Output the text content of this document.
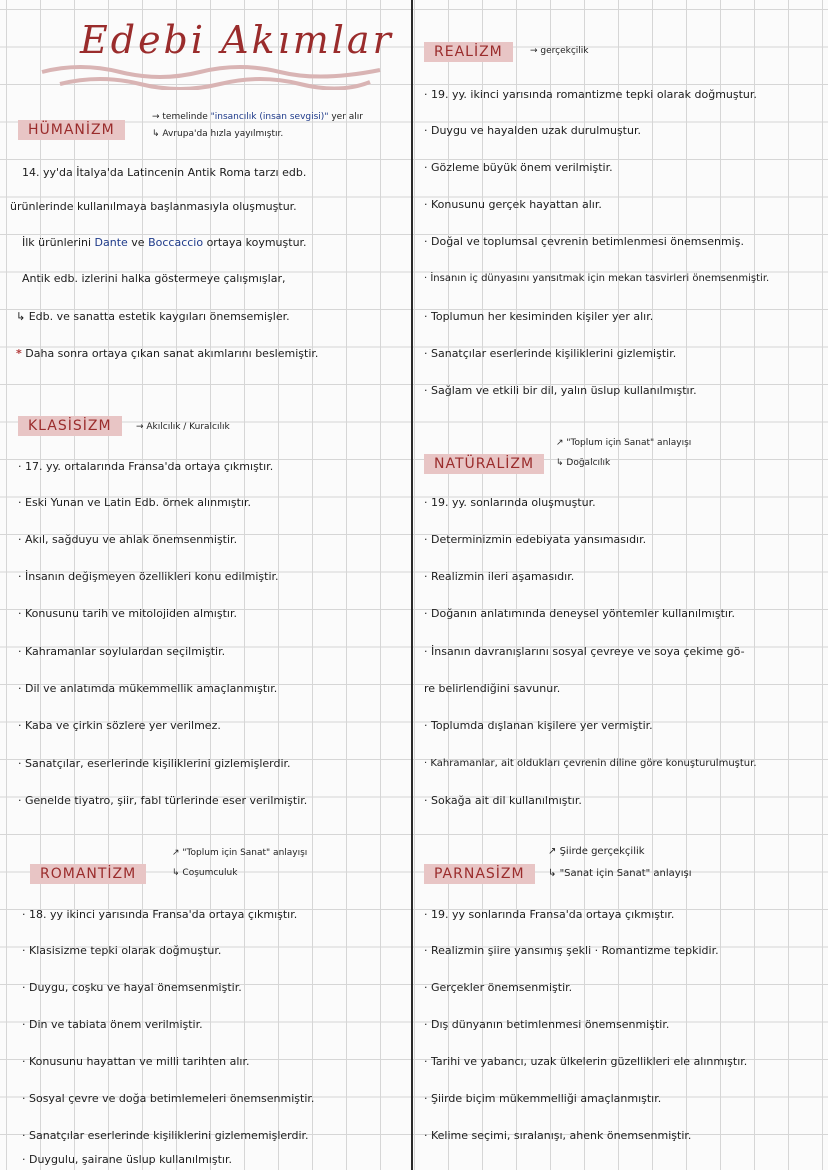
Edebi Akımlar
HÜMANİZM
→ temelinde "insancılık (insan sevgisi)" yer alır
↳ Avrupa'da hızla yayılmıştır.
14. yy'da İtalya'da Latincenin Antik Roma tarzı edb.
ürünlerinde kullanılmaya başlanmasıyla oluşmuştur.
İlk ürünlerini Dante ve Boccaccio ortaya koymuştur.
Antik edb. izlerini halka göstermeye çalışmışlar,
↳ Edb. ve sanatta estetik kaygıları önemsemişler.
* Daha sonra ortaya çıkan sanat akımlarını beslemiştir.
KLASİSİZM	→ Akılcılık / Kuralcılık
· 17. yy. ortalarında Fransa'da ortaya çıkmıştır.
· Eski Yunan ve Latin Edb. örnek alınmıştır.
· Akıl, sağduyu ve ahlak önemsenmiştir.
· İnsanın değişmeyen özellikleri konu edilmiştir.
· Konusunu tarih ve mitolojiden almıştır.
· Kahramanlar soylulardan seçilmiştir.
· Dil ve anlatımda mükemmellik amaçlanmıştır.
· Kaba ve çirkin sözlere yer verilmez.
· Sanatçılar, eserlerinde kişiliklerini gizlemişlerdir.
· Genelde tiyatro, şiir, fabl türlerinde eser verilmiştir.
ROMANTİZM
↗ "Toplum için Sanat" anlayışı
↳ Coşumculuk
· 18. yy ikinci yarısında Fransa'da ortaya çıkmıştır.
· Klasisizme tepki olarak doğmuştur.
· Duygu, coşku ve hayal önemsenmiştir.
· Din ve tabiata önem verilmiştir.
· Konusunu hayattan ve milli tarihten alır.
· Sosyal çevre ve doğa betimlemeleri önemsenmiştir.
· Sanatçılar eserlerinde kişiliklerini gizlememişlerdir.
· Duygulu, şairane üslup kullanılmıştır.
REALİZM	→ gerçekçilik
· 19. yy. ikinci yarısında romantizme tepki olarak doğmuştur.
· Duygu ve hayalden uzak durulmuştur.
· Gözleme büyük önem verilmiştir.
· Konusunu gerçek hayattan alır.
· Doğal ve toplumsal çevrenin betimlenmesi önemsenmiş.
· İnsanın iç dünyasını yansıtmak için mekan tasvirleri önemsenmiştir.
· Toplumun her kesiminden kişiler yer alır.
· Sanatçılar eserlerinde kişiliklerini gizlemiştir.
· Sağlam ve etkili bir dil, yalın üslup kullanılmıştır.
NATÜRALİZM
↗ "Toplum için Sanat" anlayışı
↳ Doğalcılık
· 19. yy. sonlarında oluşmuştur.
· Determinizmin edebiyata yansımasıdır.
· Realizmin ileri aşamasıdır.
· Doğanın anlatımında deneysel yöntemler kullanılmıştır.
· İnsanın davranışlarını sosyal çevreye ve soya çekime gö-
re belirlendiğini savunur.
· Toplumda dışlanan kişilere yer vermiştir.
· Kahramanlar, ait oldukları çevrenin diline göre konuşturulmuştur.
· Sokağa ait dil kullanılmıştır.
PARNASİZM
↗ Şiirde gerçekçilik
↳ "Sanat için Sanat" anlayışı
· 19. yy sonlarında Fransa'da ortaya çıkmıştır.
· Realizmin şiire yansımış şekli · Romantizme tepkidir.
· Gerçekler önemsenmiştir.
· Dış dünyanın betimlenmesi önemsenmiştir.
· Tarihi ve yabancı, uzak ülkelerin güzellikleri ele alınmıştır.
· Şiirde biçim mükemmelliği amaçlanmıştır.
· Kelime seçimi, sıralanışı, ahenk önemsenmiştir.
